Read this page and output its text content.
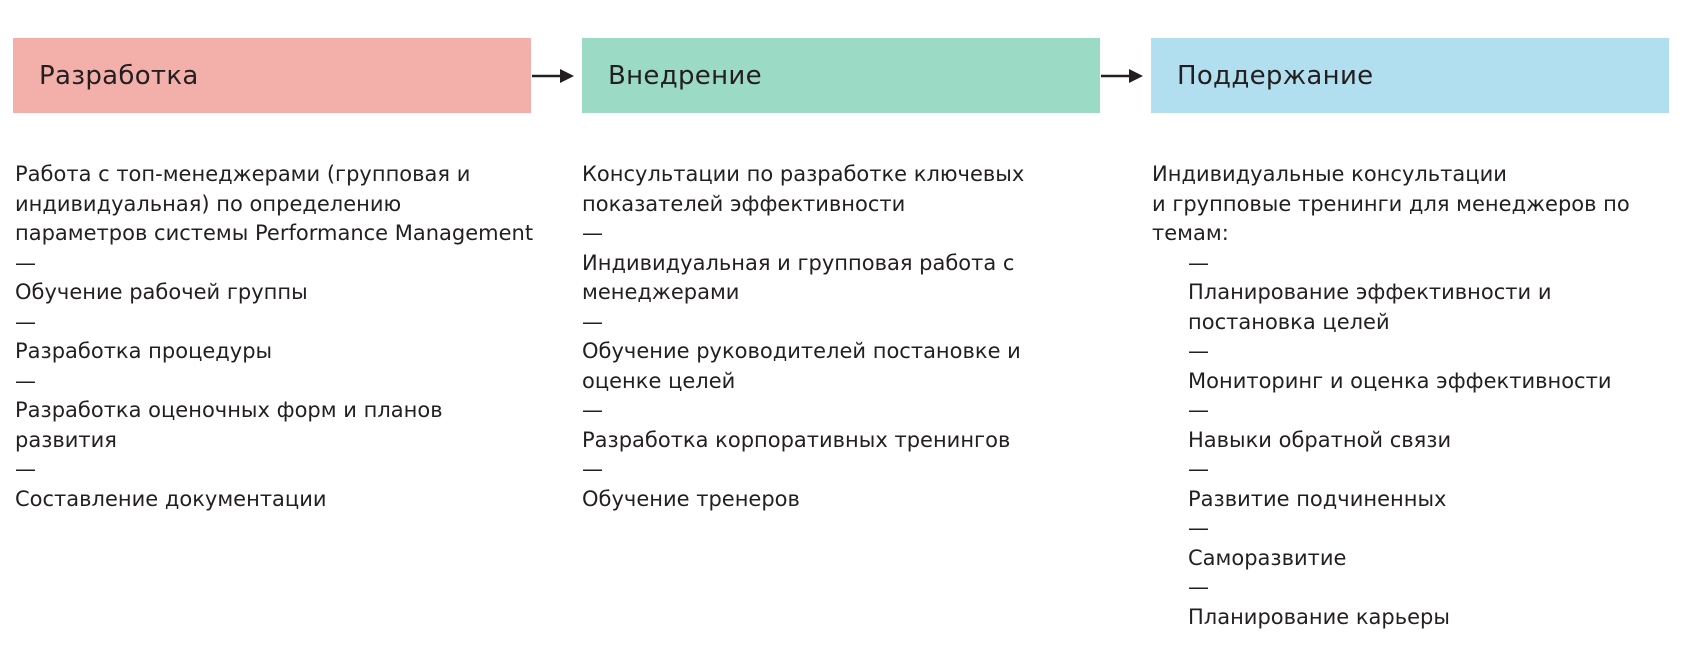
Разработка	Внедрение	Поддержание
Работа с топ-менеджерами (групповая и индивидуальная) по определению параметров системы Performance Management
—
Обучение рабочей группы
—
Разработка процедуры
—
Разработка оценочных форм и планов развития
—
Составление документации
Консультации по разработке ключевых показателей эффективности
—
Индивидуальная и групповая работа с менеджерами
—
Обучение руководителей постановке и оценке целей
—
Разработка корпоративных тренингов
—
Обучение тренеров
Индивидуальные консультации
и групповые тренинги для менеджеров по темам:
—
Планирование эффективности и постановка целей
—
Мониторинг и оценка эффективности
—
Навыки обратной связи
—
Развитие подчиненных
—
Саморазвитие
—
Планирование карьеры
